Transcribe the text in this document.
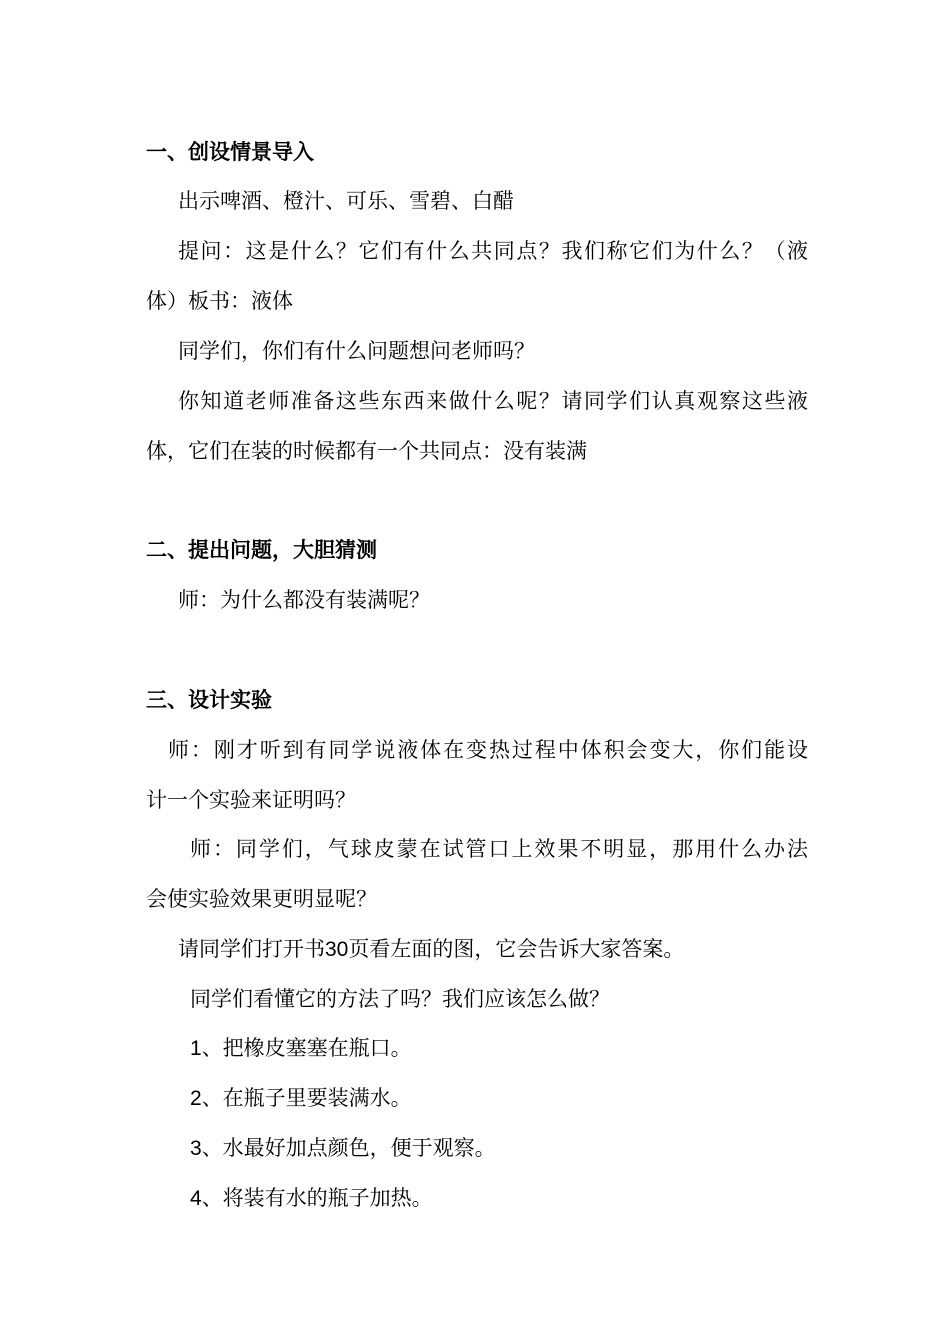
一、创设情景导入
出示啤酒、橙汁、可乐、雪碧、白醋
提问：这是什么？它们有什么共同点？我们称它们为什么？（液
体）板书：液体
同学们，你们有什么问题想问老师吗？
你知道老师准备这些东西来做什么呢？请同学们认真观察这些液
体，它们在装的时候都有一个共同点：没有装满
二、提出问题，大胆猜测
师：为什么都没有装满呢？
三、设计实验
师：刚才听到有同学说液体在变热过程中体积会变大，你们能设
计一个实验来证明吗？
师：同学们，气球皮蒙在试管口上效果不明显，那用什么办法
会使实验效果更明显呢？
请同学们打开书30页看左面的图，它会告诉大家答案。
同学们看懂它的方法了吗？我们应该怎么做？
1、把橡皮塞塞在瓶口。
2、在瓶子里要装满水。
3、水最好加点颜色，便于观察。
4、将装有水的瓶子加热。
